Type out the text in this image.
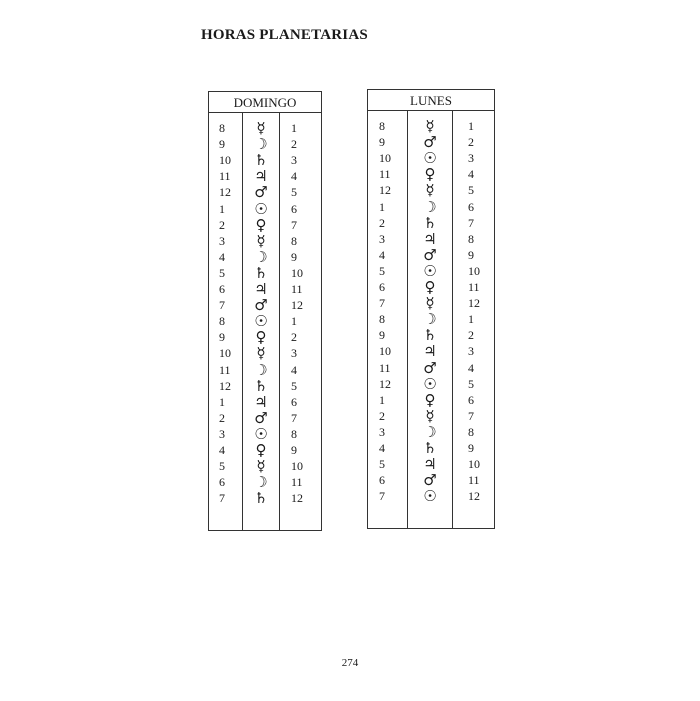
HORAS PLANETARIAS
DOMINGO
8
9
10
11
12
1
2
3
4
5
6
7
8
9
10
11
12
1
2
3
4
5
6
7
☿
☽
♄
♃
♂
☉
♀
☿
☽
♄
♃
♂
☉
♀
☿
☽
♄
♃
♂
☉
♀
☿
☽
♄
1
2
3
4
5
6
7
8
9
10
11
12
1
2
3
4
5
6
7
8
9
10
11
12
LUNES
8
9
10
11
12
1
2
3
4
5
6
7
8
9
10
11
12
1
2
3
4
5
6
7
☿
♂
☉
♀
☿
☽
♄
♃
♂
☉
♀
☿
☽
♄
♃
♂
☉
♀
☿
☽
♄
♃
♂
☉
1
2
3
4
5
6
7
8
9
10
11
12
1
2
3
4
5
6
7
8
9
10
11
12
274
